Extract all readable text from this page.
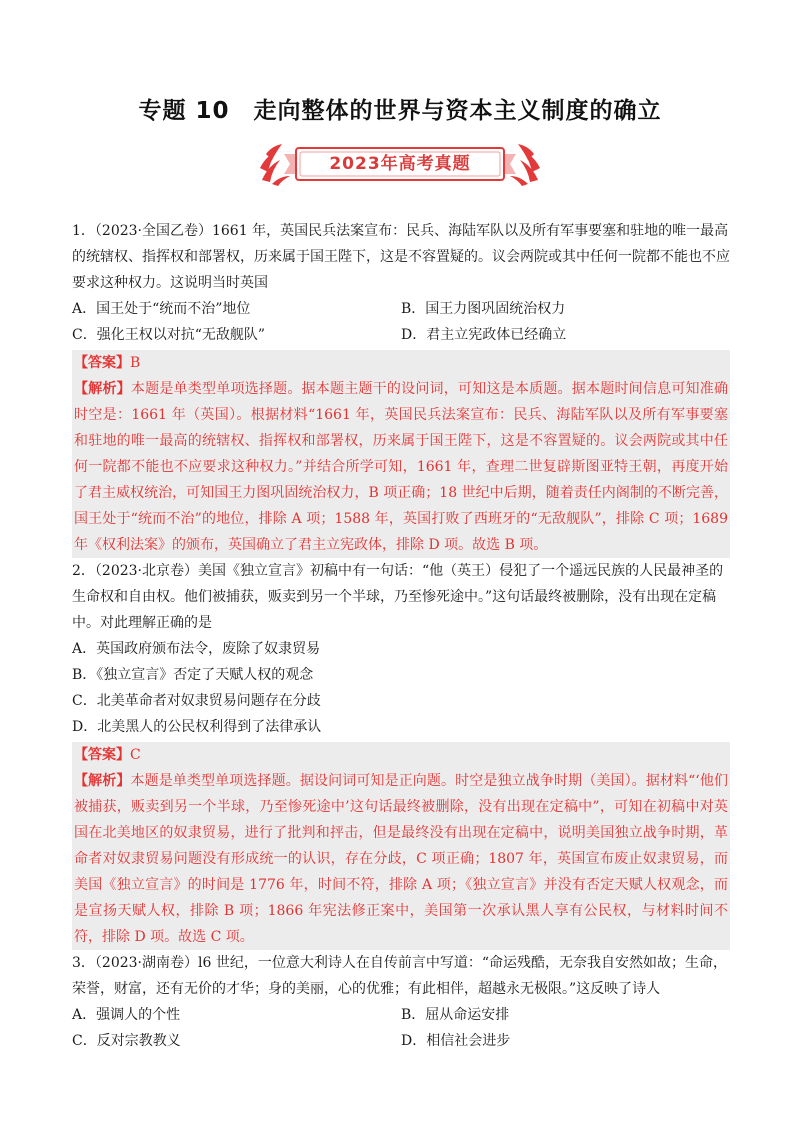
专题 10　走向整体的世界与资本主义制度的确立
2023年高考真题

1．（2023·全国乙卷）1661 年，英国民兵法案宣布：民兵、海陆军队以及所有军事要塞和驻地的唯一最高的统辖权、指挥权和部署权，历来属于国王陛下，这是不容置疑的。议会两院或其中任何一院都不能也不应要求这种权力。这说明当时英国

A．国王处于“统而不治”地位	B．国王力图巩固统治权力
C．强化王权以对抗“无敌舰队”	D．君主立宪政体已经确立

【答案】B

【解析】本题是单类型单项选择题。据本题主题干的设问词，可知这是本质题。据本题时间信息可知准确时空是：1661 年（英国）。根据材料“1661 年，英国民兵法案宣布：民兵、海陆军队以及所有军事要塞和驻地的唯一最高的统辖权、指挥权和部署权，历来属于国王陛下，这是不容置疑的。议会两院或其中任何一院都不能也不应要求这种权力。”并结合所学可知，1661 年，查理二世复辟斯图亚特王朝，再度开始了君主威权统治，可知国王力图巩固统治权力，B 项正确；18 世纪中后期，随着责任内阁制的不断完善，国王处于“统而不治”的地位，排除 A 项；1588 年，英国打败了西班牙的“无敌舰队”，排除 C 项；1689 年《权利法案》的颁布，英国确立了君主立宪政体，排除 D 项。故选 B 项。

2．（2023·北京卷）美国《独立宣言》初稿中有一句话：“他（英王）侵犯了一个遥远民族的人民最神圣的生命权和自由权。他们被捕获，贩卖到另一个半球，乃至惨死途中。”这句话最终被删除，没有出现在定稿中。对此理解正确的是

A．英国政府颁布法令，废除了奴隶贸易
B．《独立宣言》否定了天赋人权的观念
C．北美革命者对奴隶贸易问题存在分歧
D．北美黑人的公民权利得到了法律承认

【答案】C

【解析】本题是单类型单项选择题。据设问词可知是正向题。时空是独立战争时期（美国）。据材料“‘他们被捕获，贩卖到另一个半球，乃至惨死途中’这句话最终被删除，没有出现在定稿中”，可知在初稿中对英国在北美地区的奴隶贸易，进行了批判和抨击，但是最终没有出现在定稿中，说明美国独立战争时期，革命者对奴隶贸易问题没有形成统一的认识，存在分歧，C 项正确；1807 年，英国宣布废止奴隶贸易，而美国《独立宣言》的时间是 1776 年，时间不符，排除 A 项；《独立宣言》并没有否定天赋人权观念，而是宣扬天赋人权，排除 B 项；1866 年宪法修正案中，美国第一次承认黑人享有公民权，与材料时间不符，排除 D 项。故选 C 项。

3．（2023·湖南卷）l6 世纪，一位意大利诗人在自传前言中写道：“命运残酷，无奈我自安然如故；生命，荣誉，财富，还有无价的才华；身的美丽，心的优雅；有此相伴，超越永无极限。”这反映了诗人

A．强调人的个性	B．屈从命运安排
C．反对宗教教义	D．相信社会进步
